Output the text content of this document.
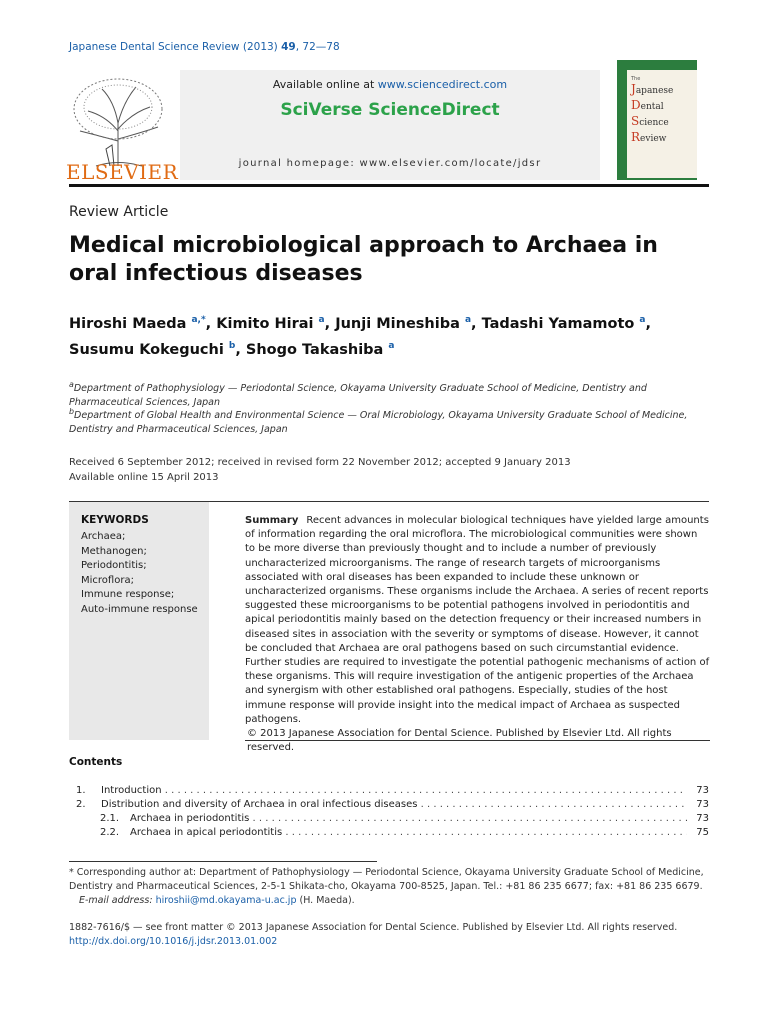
Japanese Dental Science Review (2013) 49, 72—78
ELSEVIER
Available online at www.sciencedirect.com
SciVerse ScienceDirect
journal homepage: www.elsevier.com/locate/jdsr
The
Japanese
Dental
Science
Review
Review Article
Medical microbiological approach to Archaea in oral infectious diseases
Hiroshi Maeda $^{a,*}$, Kimito Hirai $^a$, Junji Mineshiba $^a$, Tadashi Yamamoto $^a$,
Susumu Kokeguchi $^b$, Shogo Takashiba $^a$
$^a$Department of Pathophysiology — Periodontal Science, Okayama University Graduate School of Medicine, Dentistry and Pharmaceutical Sciences, Japan
$^b$Department of Global Health and Environmental Science — Oral Microbiology, Okayama University Graduate School of Medicine, Dentistry and Pharmaceutical Sciences, Japan
Received 6 September 2012; received in revised form 22 November 2012; accepted 9 January 2013
Available online 15 April 2013
KEYWORDS
Archaea;
Methanogen;
Periodontitis;
Microflora;
Immune response;
Auto-immune response
Summary Recent advances in molecular biological techniques have yielded large amounts of information regarding the oral microflora. The microbiological communities were shown to be more diverse than previously thought and to include a number of previously uncharacterized microorganisms. The range of research targets of microorganisms associated with oral diseases has been expanded to include these unknown or uncharacterized organisms. These organisms include the Archaea. A series of recent reports suggested these microorganisms to be potential pathogens involved in periodontitis and apical periodontitis mainly based on the detection frequency or their increased numbers in diseased sites in association with the severity or symptoms of disease. However, it cannot be concluded that Archaea are oral pathogens based on such circumstantial evidence. Further studies are required to investigate the potential pathogenic mechanisms of action of these organisms. This will require investigation of the antigenic properties of the Archaea and synergism with other established oral pathogens. Especially, studies of the host immune response will provide insight into the medical impact of Archaea as suspected pathogens.
© 2013 Japanese Association for Dental Science. Published by Elsevier Ltd. All rights reserved.
Contents
1. Introduction . . .	73
2. Distribution and diversity of Archaea in oral infectious diseases . . .	73
2.1. Archaea in periodontitis . . .	73
2.2. Archaea in apical periodontitis . . .	75
* Corresponding author at: Department of Pathophysiology — Periodontal Science, Okayama University Graduate School of Medicine, Dentistry and Pharmaceutical Sciences, 2-5-1 Shikata-cho, Okayama 700-8525, Japan. Tel.: +81 86 235 6677; fax: +81 86 235 6679.
E-mail address: hiroshii@md.okayama-u.ac.jp (H. Maeda).
1882-7616/$ — see front matter © 2013 Japanese Association for Dental Science. Published by Elsevier Ltd. All rights reserved.
http://dx.doi.org/10.1016/j.jdsr.2013.01.002
